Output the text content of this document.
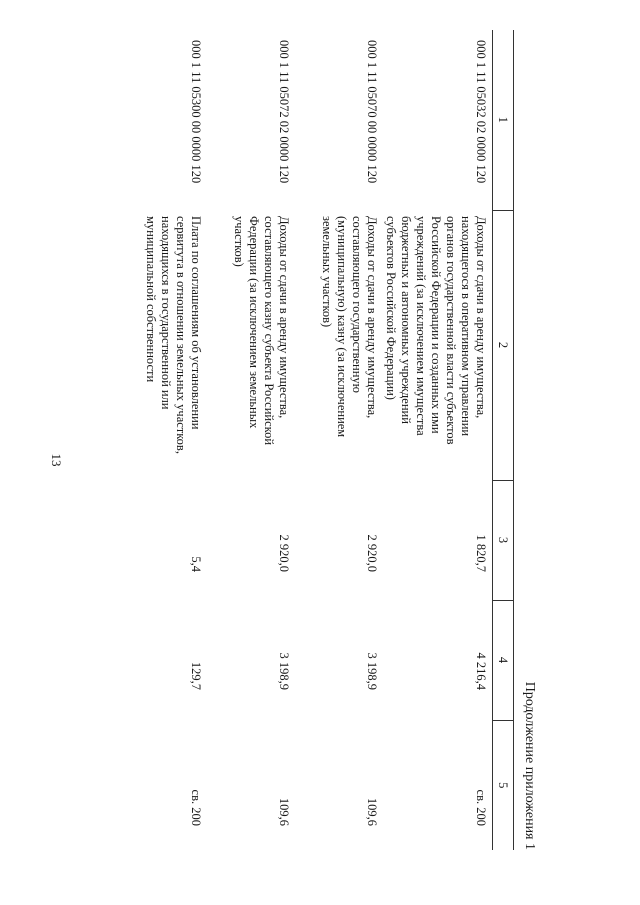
13
Продолжение приложения 1
1	2	3	4	5
000 1 11 05032 02 0000 120	Доходы от сдачи в аренду имущества, находящегося в оперативном управлении органов государственной власти субъектов Российской Федерации и созданных ими учреждений (за исключением имущества бюджетных и автономных учреждений субъектов Российской Федерации)	1 820,7	4 216,4	св. 200
000 1 11 05070 00 0000 120	Доходы от сдачи в аренду имущества, составляющего государственную (муниципальную) казну (за исключением земельных участков)	2 920,0	3 198,9	109,6
000 1 11 05072 02 0000 120	Доходы от сдачи в аренду имущества, составляющего казну субъекта Российской Федерации (за исключением земельных участков)	2 920,0	3 198,9	109,6
000 1 11 05300 00 0000 120	Плата по соглашениям об установлении сервитута в отношении земельных участков, находящихся в государственной или муниципальной собственности	5,4	129,7	св. 200
